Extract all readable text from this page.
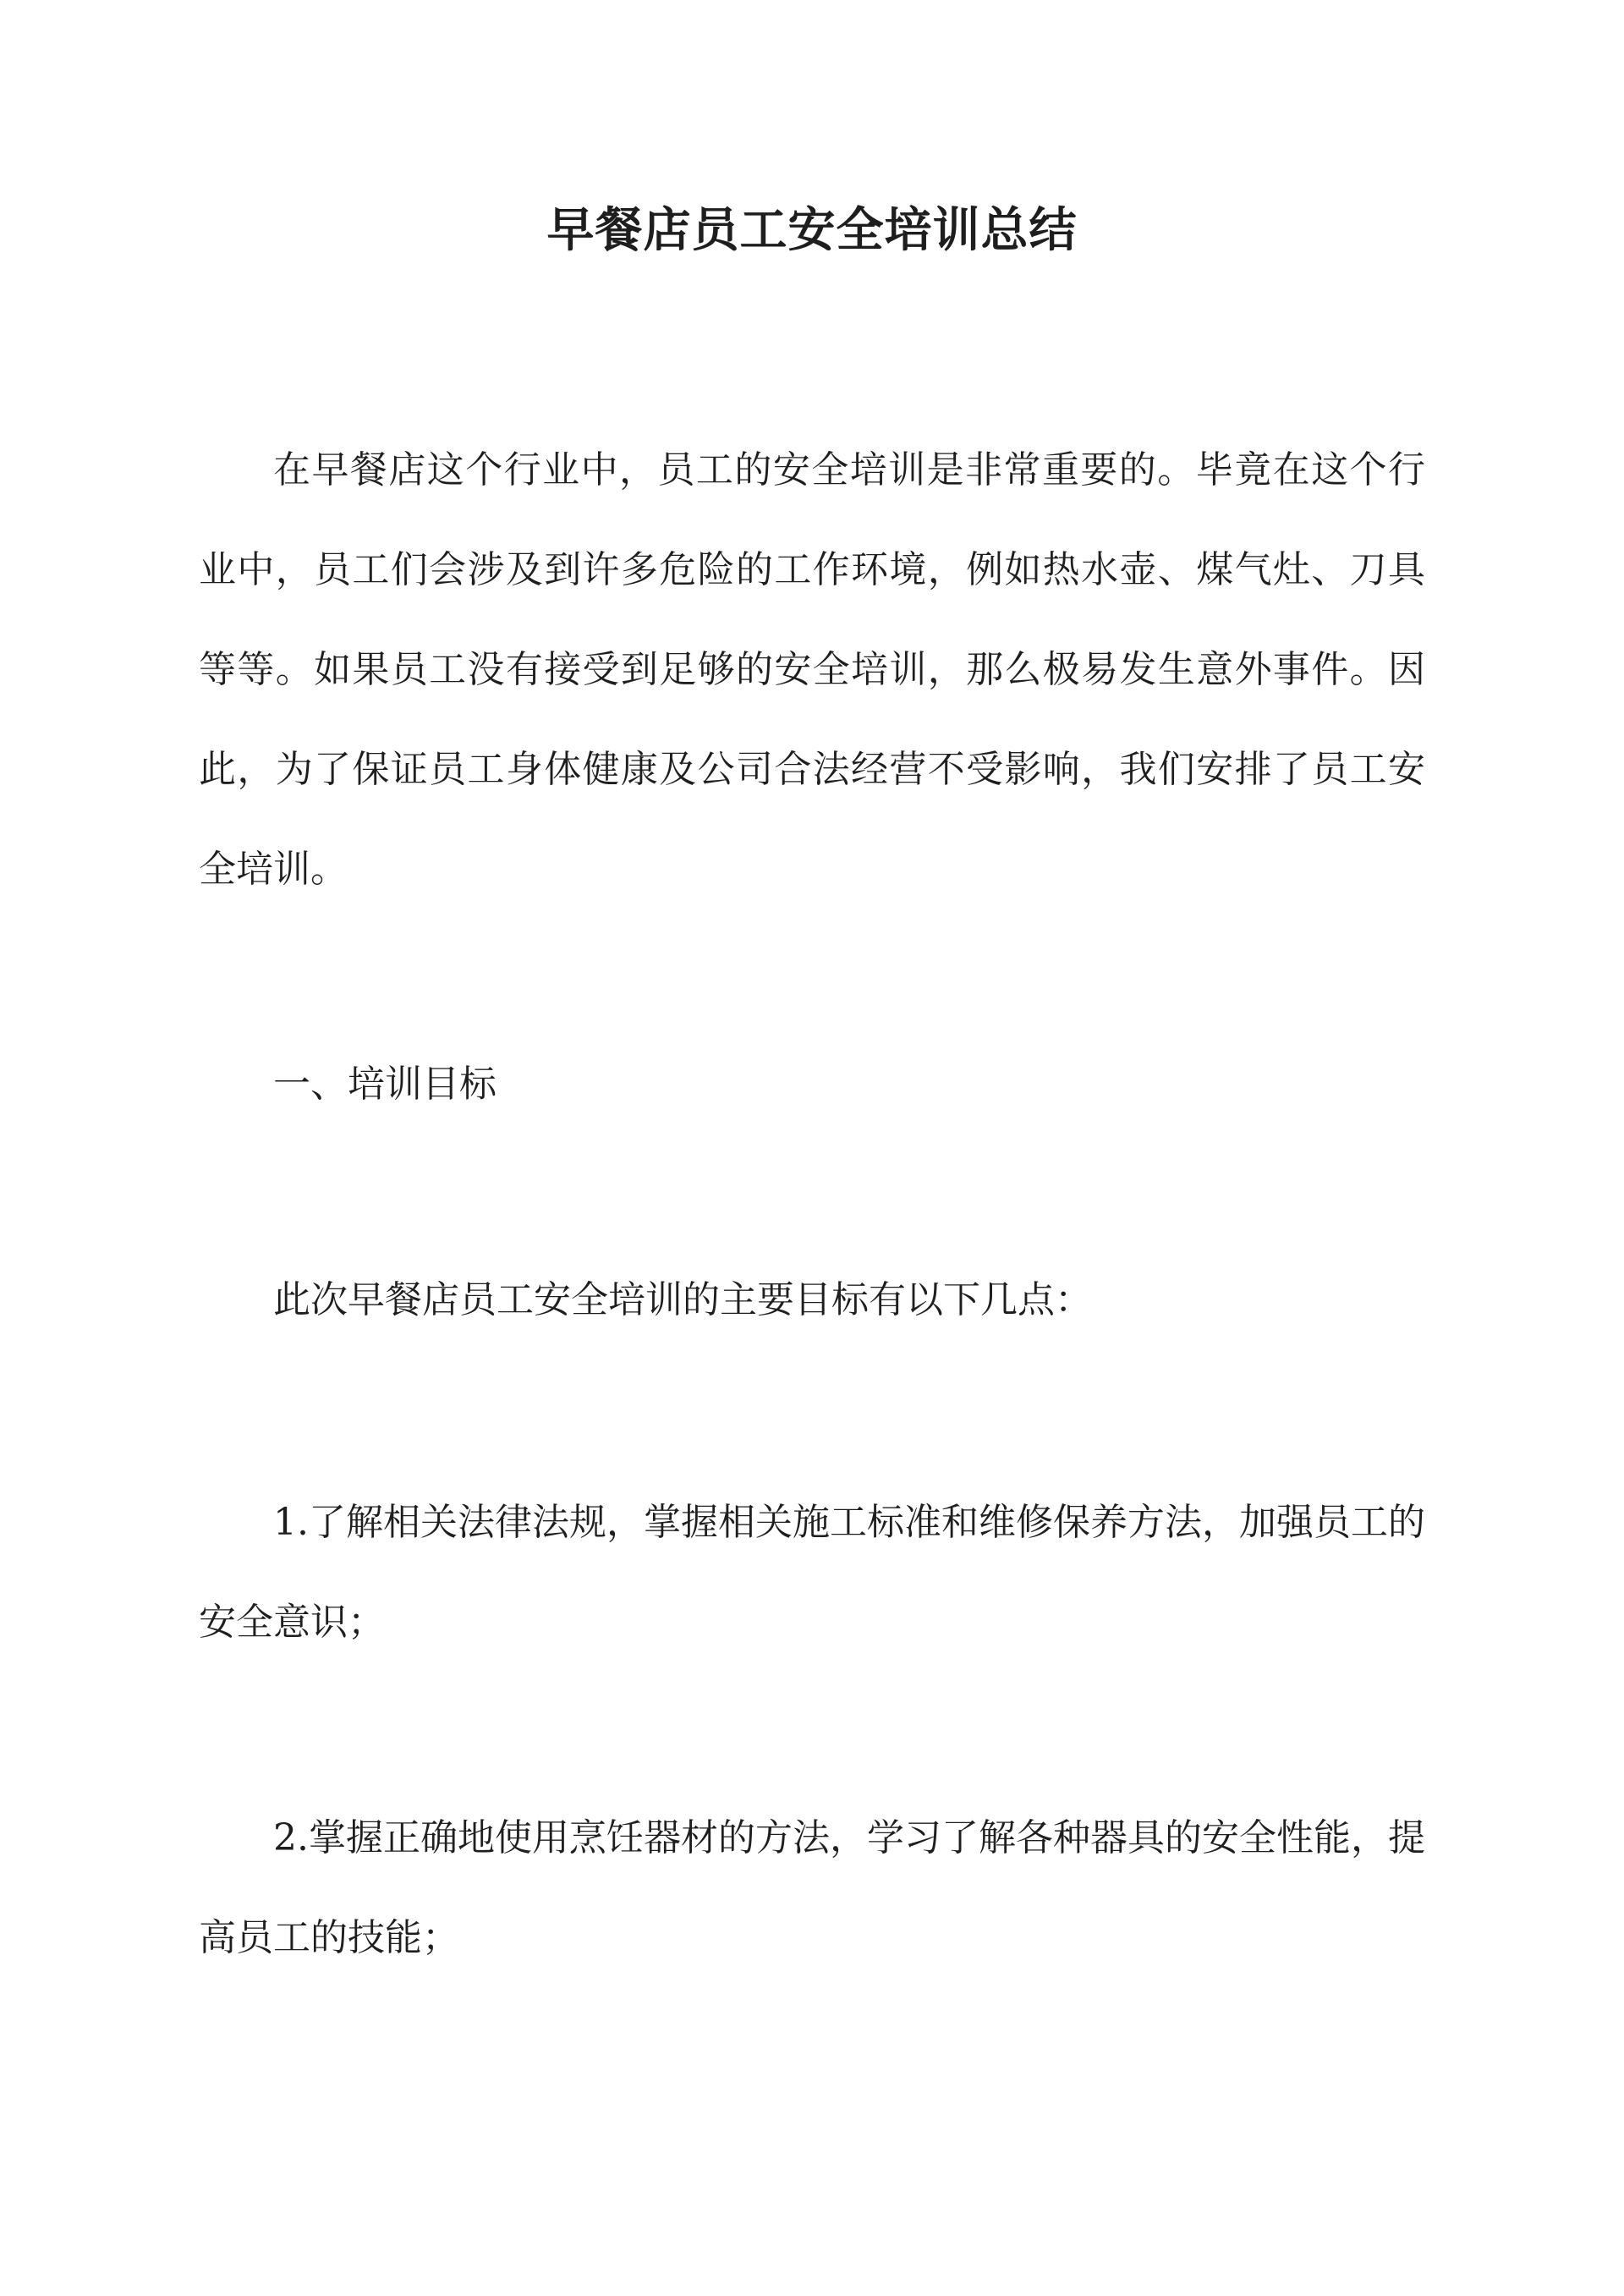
早餐店员工安全培训总结

在早餐店这个行业中，员工的安全培训是非常重要的。毕竟在这个行业中，员工们会涉及到许多危险的工作环境，例如热水壶、煤气灶、刀具等等。如果员工没有接受到足够的安全培训，那么极易发生意外事件。因此，为了保证员工身体健康及公司合法经营不受影响，我们安排了员工安全培训。

一、培训目标

此次早餐店员工安全培训的主要目标有以下几点：

1.了解相关法律法规，掌握相关施工标准和维修保养方法，加强员工的安全意识；

2.掌握正确地使用烹饪器材的方法，学习了解各种器具的安全性能，提高员工的技能；
